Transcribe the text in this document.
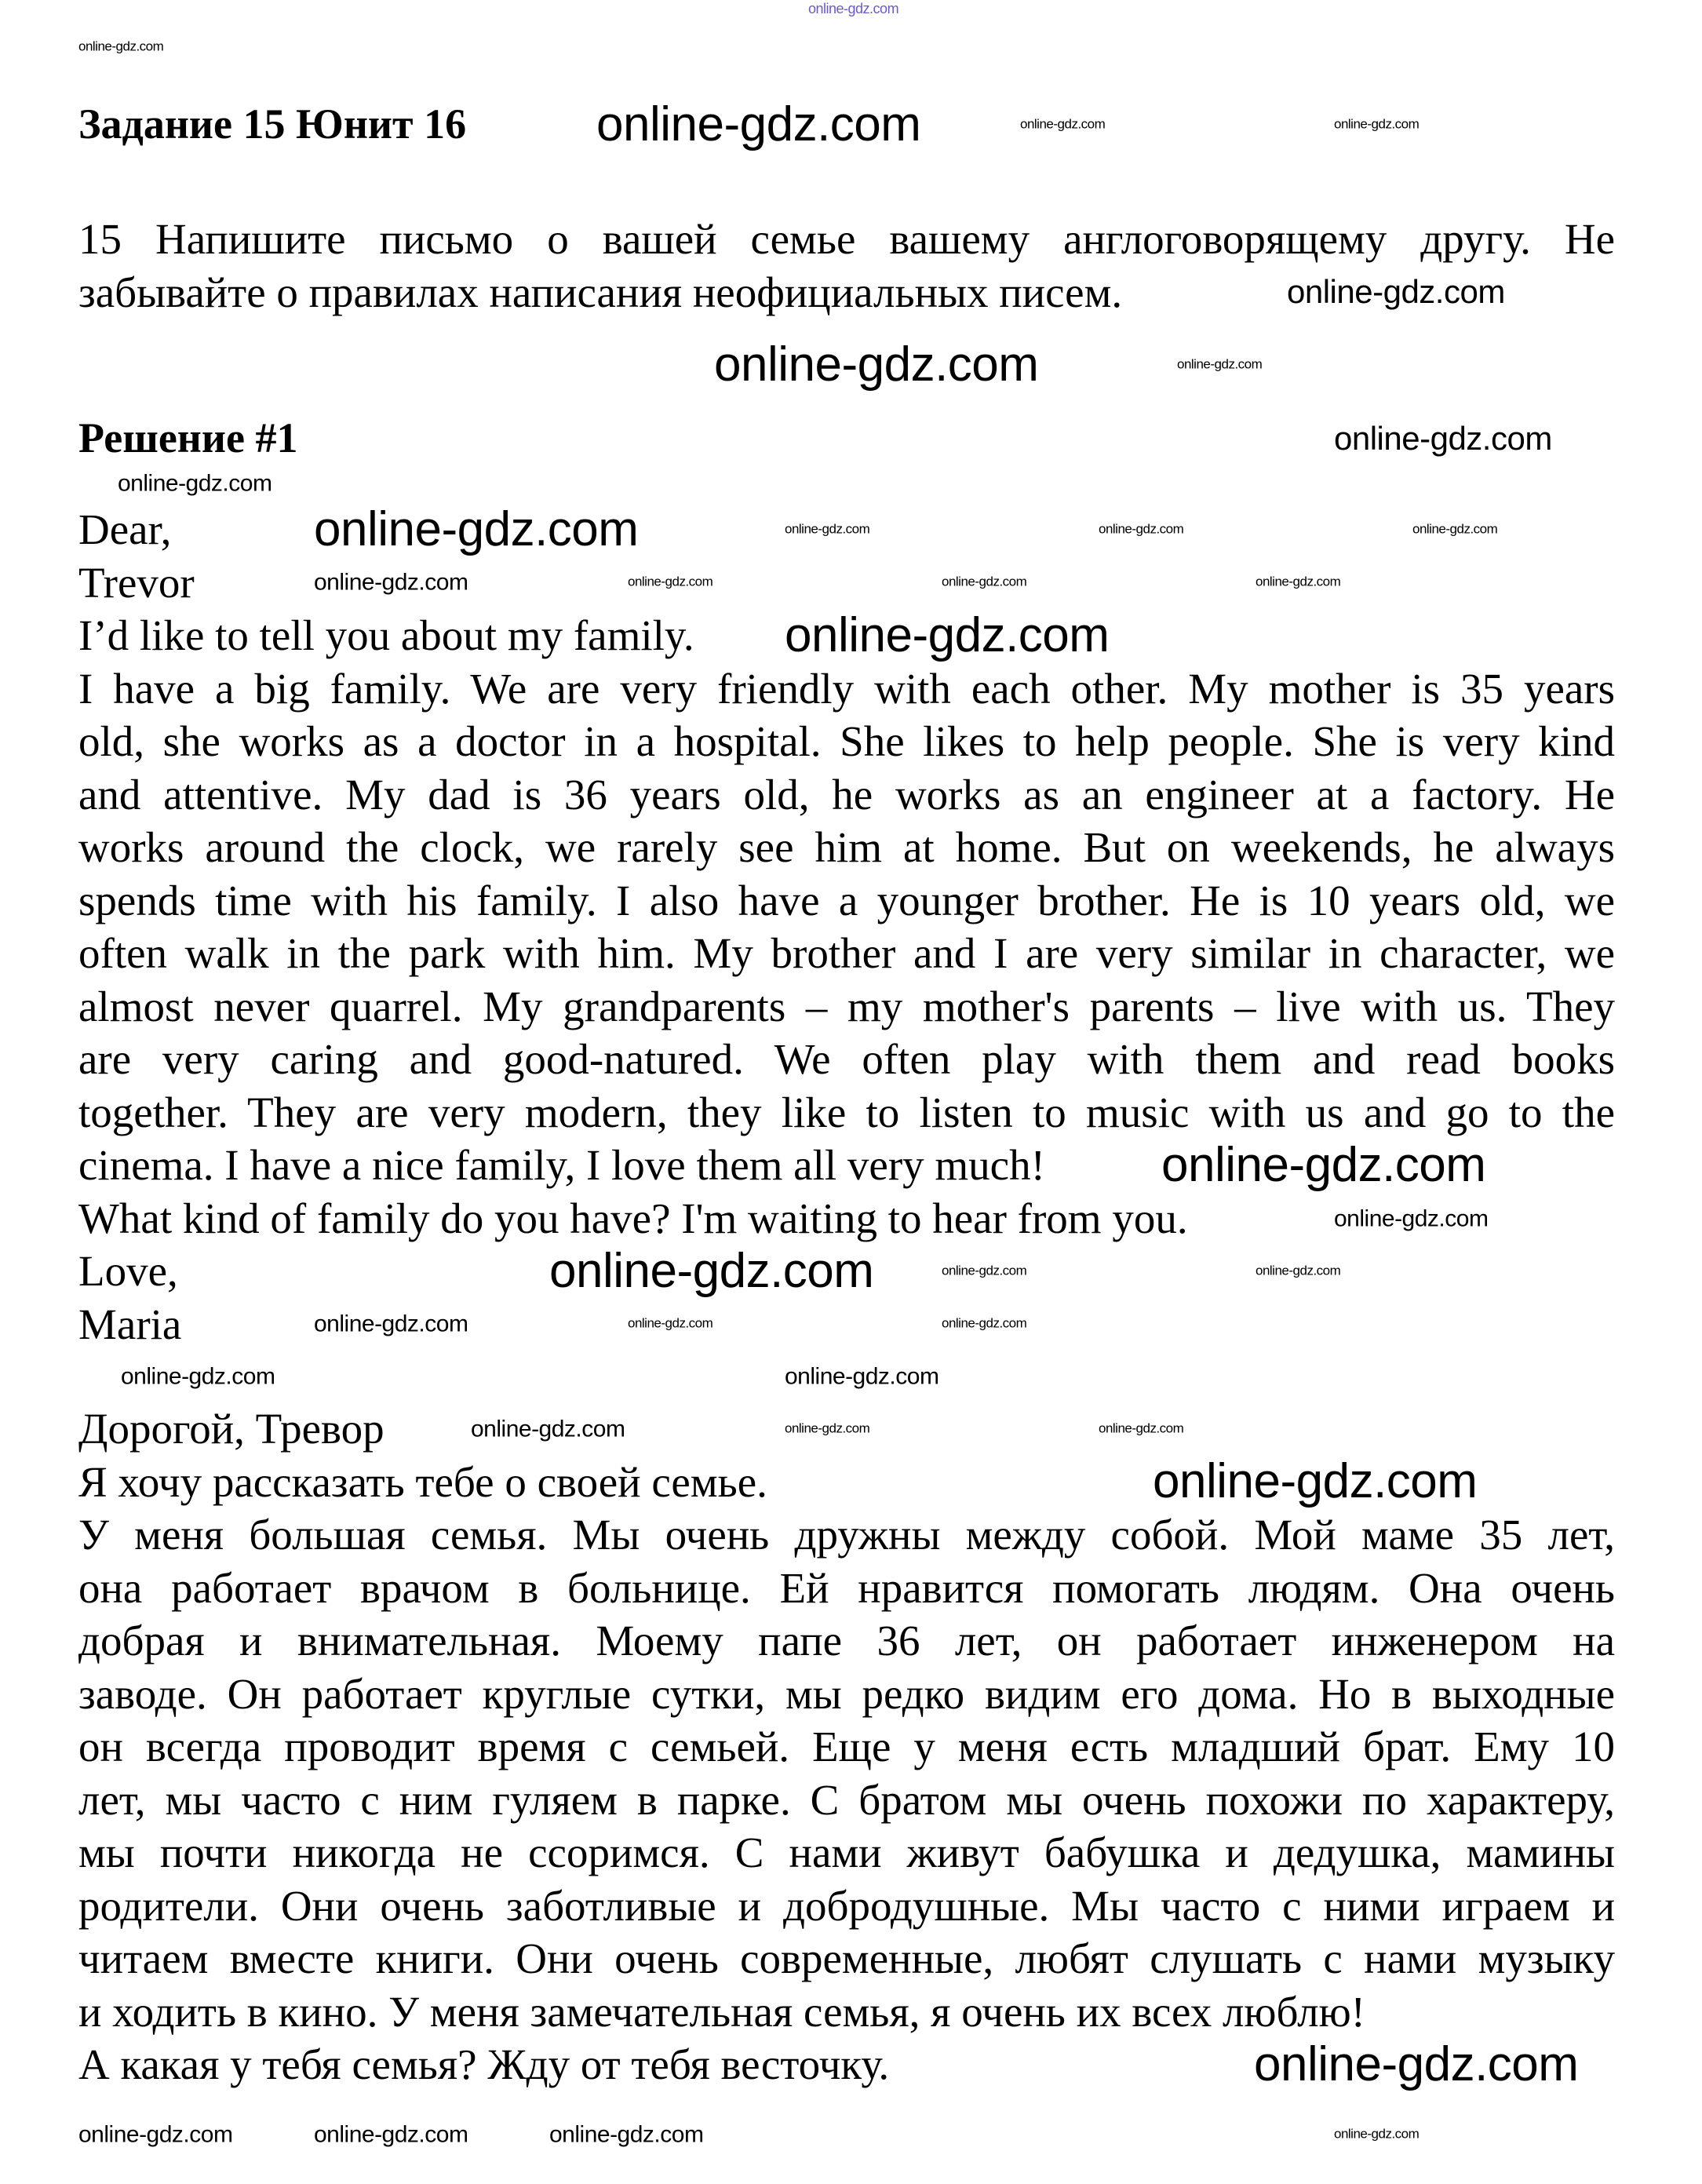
Задание 15 Юнит 16
15 Напишите письмо о вашей семье вашему англоговорящему другу. Не
забывайте о правилах написания неофициальных писем.
Решение #1
Dear,
Trevor
I’d like to tell you about my family.
I have a big family. We are very friendly with each other. My mother is 35 years
old, she works as a doctor in a hospital. She likes to help people. She is very kind
and attentive. My dad is 36 years old, he works as an engineer at a factory. He
works around the clock, we rarely see him at home. But on weekends, he always
spends time with his family. I also have a younger brother. He is 10 years old, we
often walk in the park with him. My brother and I are very similar in character, we
almost never quarrel. My grandparents – my mother's parents – live with us. They
are very caring and good-natured. We often play with them and read books
together. They are very modern, they like to listen to music with us and go to the
cinema. I have a nice family, I love them all very much!
What kind of family do you have? I'm waiting to hear from you.
Love,
Maria
Дорогой, Тревор
Я хочу рассказать тебе о своей семье.
У меня большая семья. Мы очень дружны между собой. Мой маме 35 лет,
она работает врачом в больнице. Ей нравится помогать людям. Она очень
добрая и внимательная. Моему папе 36 лет, он работает инженером на
заводе. Он работает круглые сутки, мы редко видим его дома. Но в выходные
он всегда проводит время с семьей. Еще у меня есть младший брат. Ему 10
лет, мы часто с ним гуляем в парке. С братом мы очень похожи по характеру,
мы почти никогда не ссоримся. С нами живут бабушка и дедушка, мамины
родители. Они очень заботливые и добродушные. Мы часто с ними играем и
читаем вместе книги. Они очень современные, любят слушать с нами музыку
и ходить в кино. У меня замечательная семья, я очень их всех люблю!
А какая у тебя семья? Жду от тебя весточку.
online-gdz.com
online-gdz.com
online-gdz.com
online-gdz.com
online-gdz.com
online-gdz.com
online-gdz.com
online-gdz.com
online-gdz.com
online-gdz.com
online-gdz.com
online-gdz.com
online-gdz.com
online-gdz.com
online-gdz.com
online-gdz.com
online-gdz.com	online-gdz.com	online-gdz.com
online-gdz.com
online-gdz.com
online-gdz.com	online-gdz.com
online-gdz.com	online-gdz.com	online-gdz.com
online-gdz.com	online-gdz.com	online-gdz.com
online-gdz.com	online-gdz.com
online-gdz.com	online-gdz.com
online-gdz.com	online-gdz.com
online-gdz.com
online-gdz.com
online-gdz.com
